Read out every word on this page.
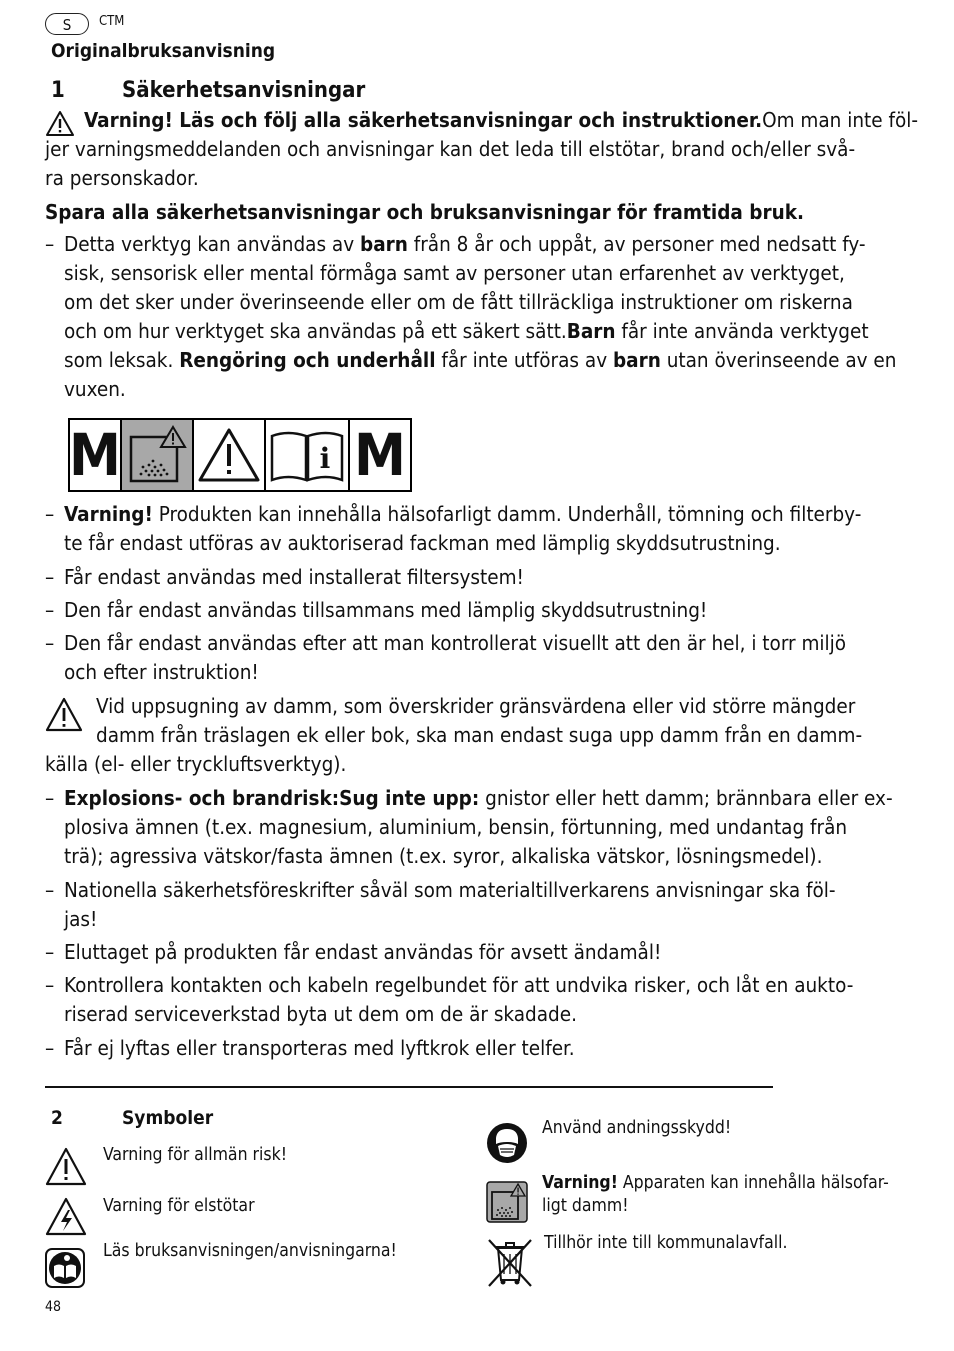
S	CTM
Originalbruksanvisning
1	Säkerhetsanvisningar
Varning! Läs och följ alla säkerhetsanvisningar och instruktioner.Om man inte föl-
jer varningsmeddelanden och anvisningar kan det leda till elstötar, brand och/eller svå-
ra personskador.
Spara alla säkerhetsanvisningar och bruksanvisningar för framtida bruk.
– Detta verktyg kan användas av barn från 8 år och uppåt, av personer med nedsatt fy-
sisk, sensorisk eller mental förmåga samt av personer utan erfarenhet av verktyget,
om det sker under överinseende eller om de fått tillräckliga instruktioner om riskerna
och om hur verktyget ska användas på ett säkert sätt.Barn får inte använda verktyget
som leksak. Rengöring och underhåll får inte utföras av barn utan överinseende av en
vuxen.
M	i M
– Varning! Produkten kan innehålla hälsofarligt damm. Underhåll, tömning och filterby-
te får endast utföras av auktoriserad fackman med lämplig skyddsutrustning.
– Får endast användas med installerat filtersystem!
– Den får endast användas tillsammans med lämplig skyddsutrustning!
– Den får endast användas efter att man kontrollerat visuellt att den är hel, i torr miljö
och efter instruktion!
Vid uppsugning av damm, som överskrider gränsvärdena eller vid större mängder
damm från träslagen ek eller bok, ska man endast suga upp damm från en damm-
källa (el- eller tryckluftsverktyg).
– Explosions- och brandrisk:Sug inte upp: gnistor eller hett damm; brännbara eller ex-
plosiva ämnen (t.ex. magnesium, aluminium, bensin, förtunning, med undantag från
trä); agressiva vätskor/fasta ämnen (t.ex. syror, alkaliska vätskor, lösningsmedel).
– Nationella säkerhetsföreskrifter såväl som materialtillverkarens anvisningar ska föl-
jas!
– Eluttaget på produkten får endast användas för avsett ändamål!
– Kontrollera kontakten och kabeln regelbundet för att undvika risker, och låt en aukto-
riserad serviceverkstad byta ut dem om de är skadade.
– Får ej lyftas eller transporteras med lyftkrok eller telfer.
2	Symboler
Varning för allmän risk!
Varning för elstötar
Läs bruksanvisningen/anvisningarna!
Använd andningsskydd!
Varning! Apparaten kan innehålla hälsofar-
ligt damm!
Tillhör inte till kommunalavfall.
48
